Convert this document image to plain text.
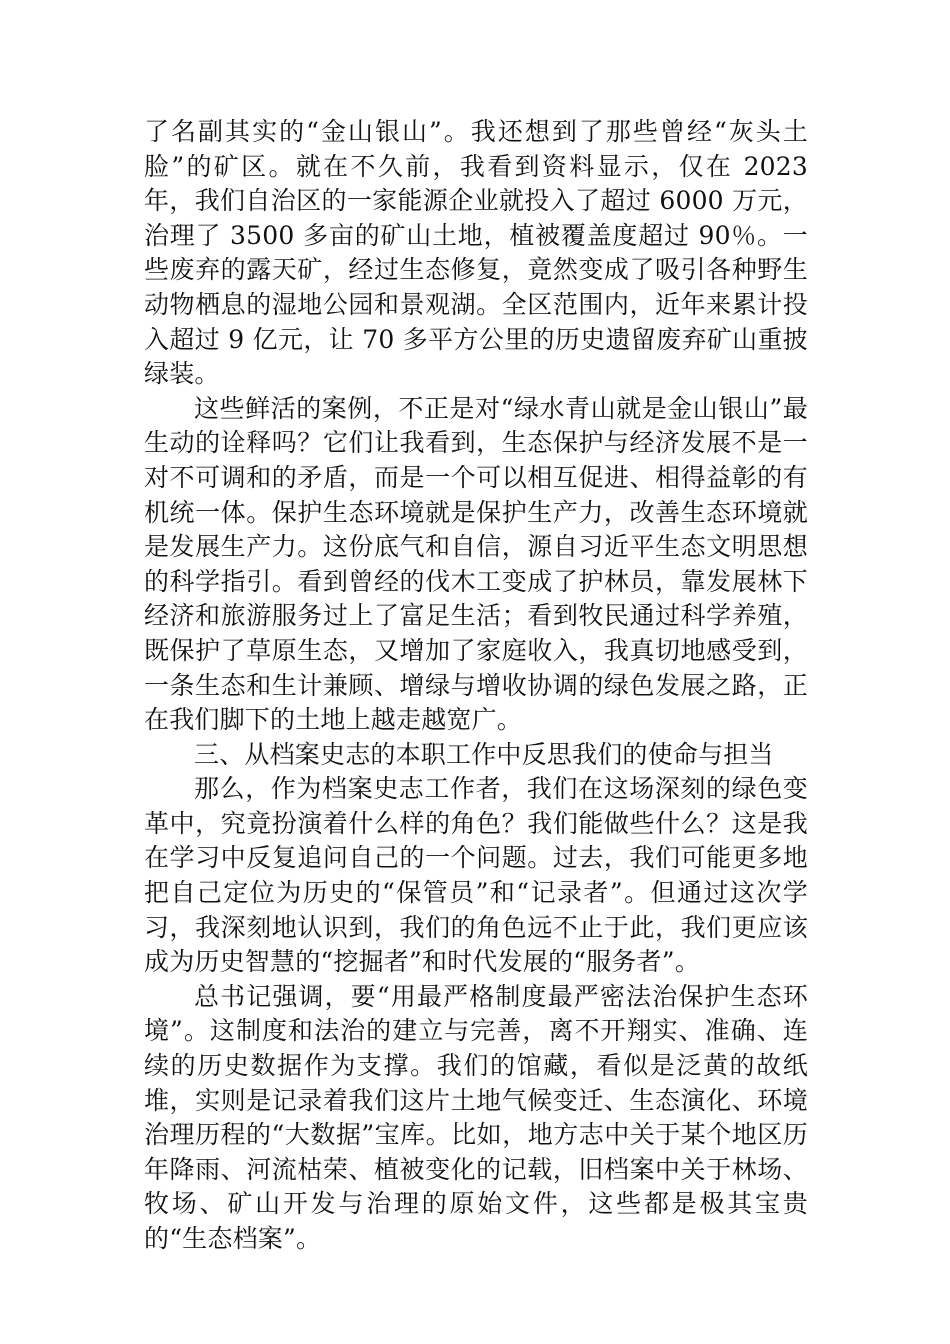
了名副其实的“金山银山”。我还想到了那些曾经“灰头土脸”的矿区。就在不久前，我看到资料显示，仅在 2023 年，我们自治区的一家能源企业就投入了超过 6000 万元，治理了 3500 多亩的矿山土地，植被覆盖度超过 90％。一些废弃的露天矿，经过生态修复，竟然变成了吸引各种野生动物栖息的湿地公园和景观湖。全区范围内，近年来累计投入超过 9 亿元，让 70 多平方公里的历史遗留废弃矿山重披绿装。

这些鲜活的案例，不正是对“绿水青山就是金山银山”最生动的诠释吗？它们让我看到，生态保护与经济发展不是一对不可调和的矛盾，而是一个可以相互促进、相得益彰的有机统一体。保护生态环境就是保护生产力，改善生态环境就是发展生产力。这份底气和自信，源自习近平生态文明思想的科学指引。看到曾经的伐木工变成了护林员，靠发展林下经济和旅游服务过上了富足生活；看到牧民通过科学养殖，既保护了草原生态，又增加了家庭收入，我真切地感受到，一条生态和生计兼顾、增绿与增收协调的绿色发展之路，正在我们脚下的土地上越走越宽广。

三、从档案史志的本职工作中反思我们的使命与担当

那么，作为档案史志工作者，我们在这场深刻的绿色变革中，究竟扮演着什么样的角色？我们能做些什么？这是我在学习中反复追问自己的一个问题。过去，我们可能更多地把自己定位为历史的“保管员”和“记录者”。但通过这次学习，我深刻地认识到，我们的角色远不止于此，我们更应该成为历史智慧的“挖掘者”和时代发展的“服务者”。

总书记强调，要“用最严格制度最严密法治保护生态环境”。这制度和法治的建立与完善，离不开翔实、准确、连续的历史数据作为支撑。我们的馆藏，看似是泛黄的故纸堆，实则是记录着我们这片土地气候变迁、生态演化、环境治理历程的“大数据”宝库。比如，地方志中关于某个地区历年降雨、河流枯荣、植被变化的记载，旧档案中关于林场、牧场、矿山开发与治理的原始文件，这些都是极其宝贵的“生态档案”。
